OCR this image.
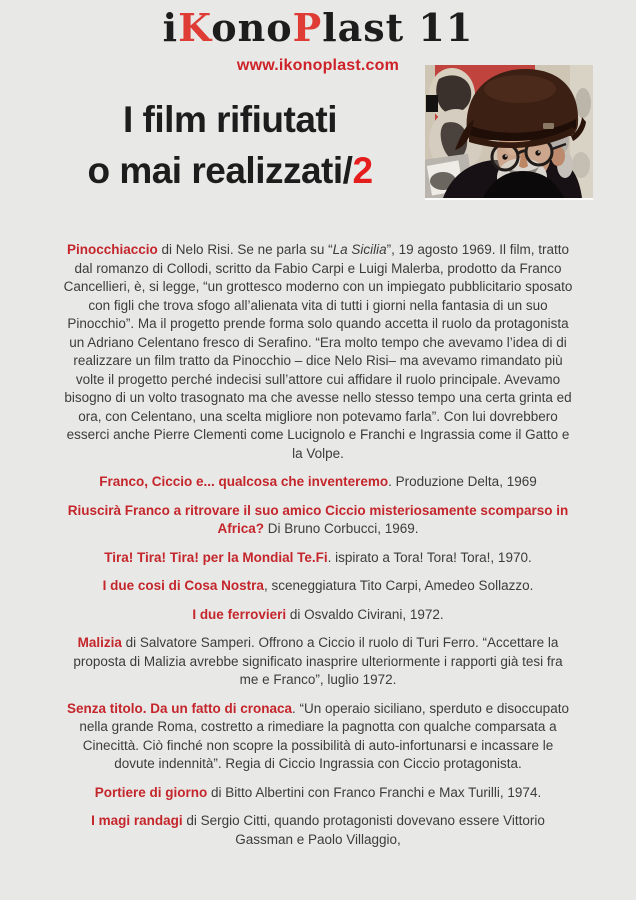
iKonoPlast 11
www.ikonoplast.com
I film rifiutati
o mai realizzati/2

Pinocchiaccio di Nelo Risi. Se ne parla su “La Sicilia”, 19 agosto 1969. Il film, tratto dal romanzo di Collodi, scritto da Fabio Carpi e Luigi Malerba, prodotto da Franco Cancellieri, è, si legge, “un grottesco moderno con un impiegato pubblicitario sposato con figli che trova sfogo all’alienata vita di tutti i giorni nella fantasia di un suo Pinocchio”. Ma il progetto prende forma solo quando accetta il ruolo da protagonista un Adriano Celentano fresco di Serafino. “Era molto tempo che avevamo l’idea di di realizzare un film tratto da Pinocchio – dice Nelo Risi– ma avevamo rimandato più volte il progetto perché indecisi sull’attore cui affidare il ruolo principale. Avevamo bisogno di un volto trasognato ma che avesse nello stesso tempo una certa grinta ed ora, con Celentano, una scelta migliore non potevamo farla”. Con lui dovrebbero esserci anche Pierre Clementi come Lucignolo e Franchi e Ingrassia come il Gatto e la Volpe.

Franco, Ciccio e... qualcosa che inventeremo. Produzione Delta, 1969

Riuscirà Franco a ritrovare il suo amico Ciccio misteriosamente scomparso in Africa? Di Bruno Corbucci, 1969.

Tira! Tira! Tira! per la Mondial Te.Fi. ispirato a Tora! Tora! Tora!, 1970.

I due cosi di Cosa Nostra, sceneggiatura Tito Carpi, Amedeo Sollazzo.

I due ferrovieri di Osvaldo Civirani, 1972.

Malizia di Salvatore Samperi. Offrono a Ciccio il ruolo di Turi Ferro. “Accettare la proposta di Malizia avrebbe significato inasprire ulteriormente i rapporti già tesi fra me e Franco”, luglio 1972.

Senza titolo. Da un fatto di cronaca. “Un operaio siciliano, sperduto e disoccupato nella grande Roma, costretto a rimediare la pagnotta con qualche comparsata a Cinecittà. Ciò finché non scopre la possibilità di auto-infortunarsi e incassare le dovute indennità”. Regia di Ciccio Ingrassia con Ciccio protagonista.

Portiere di giorno di Bitto Albertini con Franco Franchi e Max Turilli, 1974.

I magi randagi di Sergio Citti, quando protagonisti dovevano essere Vittorio Gassman e Paolo Villaggio,
